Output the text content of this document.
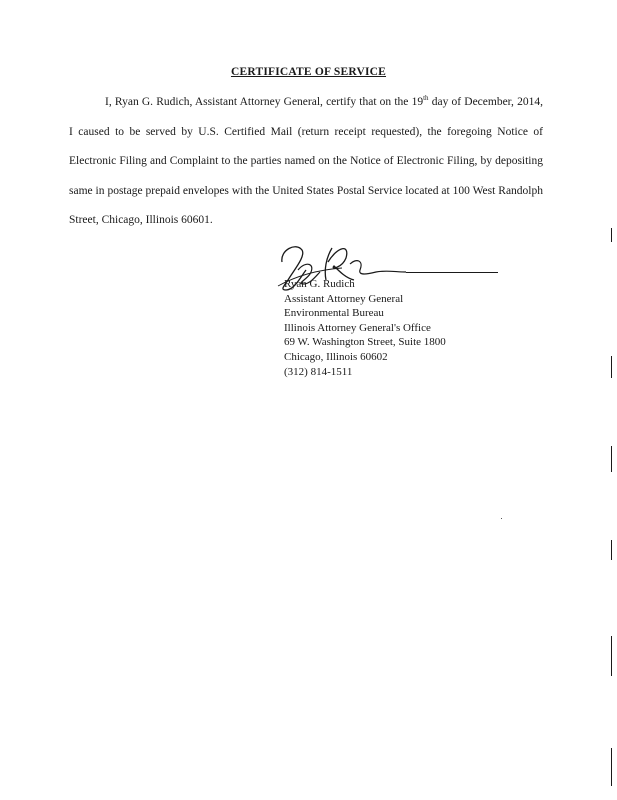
CERTIFICATE OF SERVICE

I, Ryan G. Rudich, Assistant Attorney General, certify that on the 19th day of December, 2014, I caused to be served by U.S. Certified Mail (return receipt requested), the foregoing Notice of Electronic Filing and Complaint to the parties named on the Notice of Electronic Filing, by depositing same in postage prepaid envelopes with the United States Postal Service located at 100 West Randolph Street, Chicago, Illinois 60601.

Ryan G. Rudich
Assistant Attorney General
Environmental Bureau
Illinois Attorney General's Office
69 W. Washington Street, Suite 1800
Chicago, Illinois 60602
(312) 814-1511
